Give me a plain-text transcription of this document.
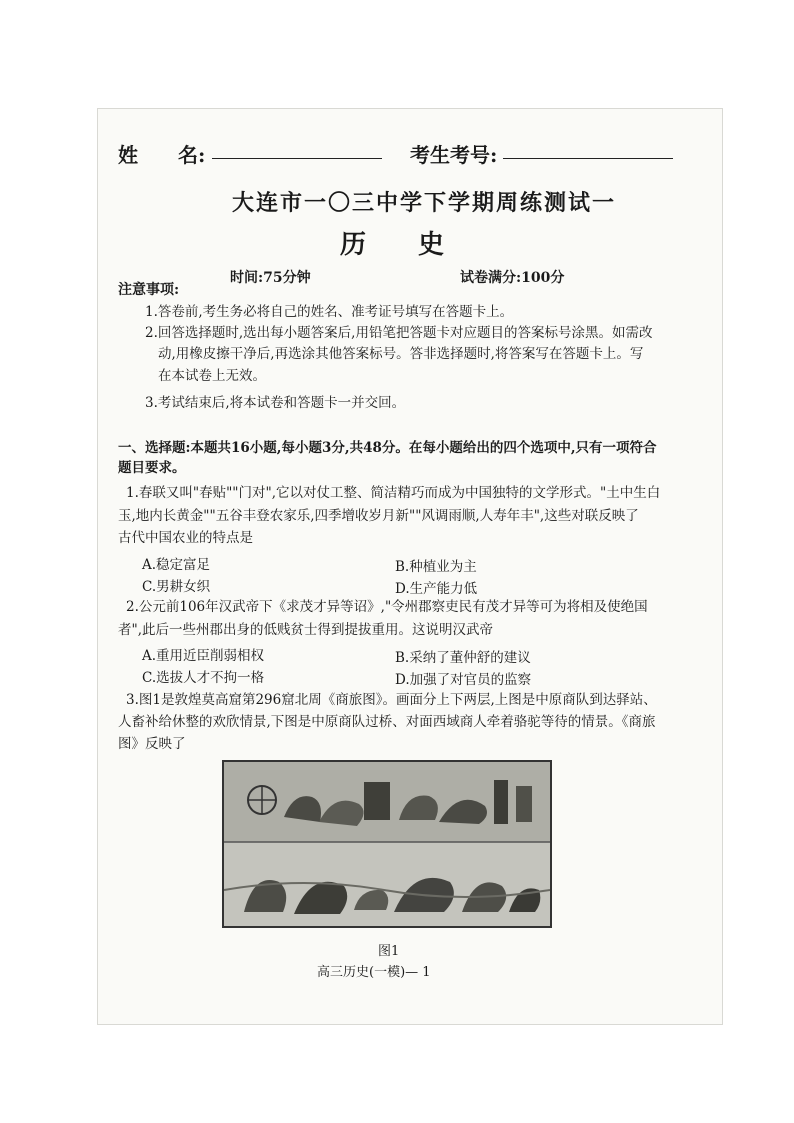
姓　　名:	考生考号:
大连市一〇三中学下学期周练测试一
历　　史
时间:75分钟	试卷满分:100分
注意事项:
1.答卷前,考生务必将自己的姓名、准考证号填写在答题卡上。
2.回答选择题时,选出每小题答案后,用铅笔把答题卡对应题目的答案标号涂黑。如需改
动,用橡皮擦干净后,再选涂其他答案标号。答非选择题时,将答案写在答题卡上。写
在本试卷上无效。
3.考试结束后,将本试卷和答题卡一并交回。
一、选择题:本题共16小题,每小题3分,共48分。在每小题给出的四个选项中,只有一项符合
题目要求。
1.春联又叫"春贴""门对",它以对仗工整、简洁精巧而成为中国独特的文学形式。"土中生白
玉,地内长黄金""五谷丰登农家乐,四季增收岁月新""风调雨顺,人寿年丰",这些对联反映了
古代中国农业的特点是
A.稳定富足	B.种植业为主
C.男耕女织	D.生产能力低
2.公元前106年汉武帝下《求茂才异等诏》,"令州郡察吏民有茂才异等可为将相及使绝国
者",此后一些州郡出身的低贱贫士得到提拔重用。这说明汉武帝
A.重用近臣削弱相权	B.采纳了董仲舒的建议
C.选拔人才不拘一格	D.加强了对官员的监察
3.图1是敦煌莫高窟第296窟北周《商旅图》。画面分上下两层,上图是中原商队到达驿站、
人畜补给休整的欢欣情景,下图是中原商队过桥、对面西域商人牵着骆驼等待的情景。《商旅
图》反映了
图1
高三历史(一模)— 1
